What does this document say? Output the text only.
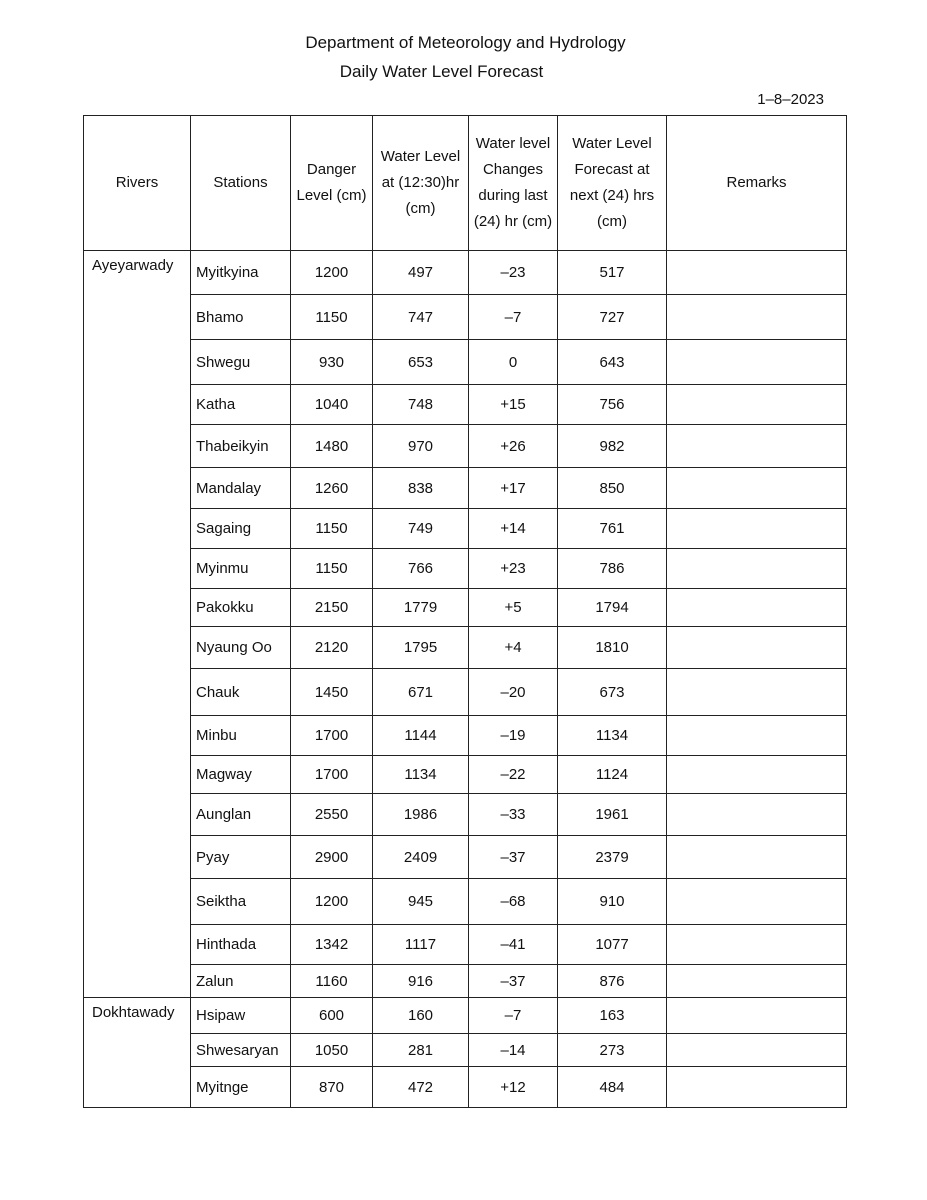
Department of Meteorology and Hydrology
Daily Water Level Forecast
1–8–2023
Rivers	Stations	Danger Level (cm)	Water Level at (12:30)hr (cm)	Water level Changes during last (24) hr (cm)	Water Level Forecast at next (24) hrs (cm)	Remarks
Ayeyarwady	Myitkyina	1200	497	–23	517	
	Bhamo	1150	747	–7	727	
	Shwegu	930	653	0	643	
	Katha	1040	748	+15	756	
	Thabeikyin	1480	970	+26	982	
	Mandalay	1260	838	+17	850	
	Sagaing	1150	749	+14	761	
	Myinmu	1150	766	+23	786	
	Pakokku	2150	1779	+5	1794	
	Nyaung Oo	2120	1795	+4	1810	
	Chauk	1450	671	–20	673	
	Minbu	1700	1144	–19	1134	
	Magway	1700	1134	–22	1124	
	Aunglan	2550	1986	–33	1961	
	Pyay	2900	2409	–37	2379	
	Seiktha	1200	945	–68	910	
	Hinthada	1342	1117	–41	1077	
	Zalun	1160	916	–37	876	
Dokhtawady	Hsipaw	600	160	–7	163	
	Shwesaryan	1050	281	–14	273	
	Myitnge	870	472	+12	484	
